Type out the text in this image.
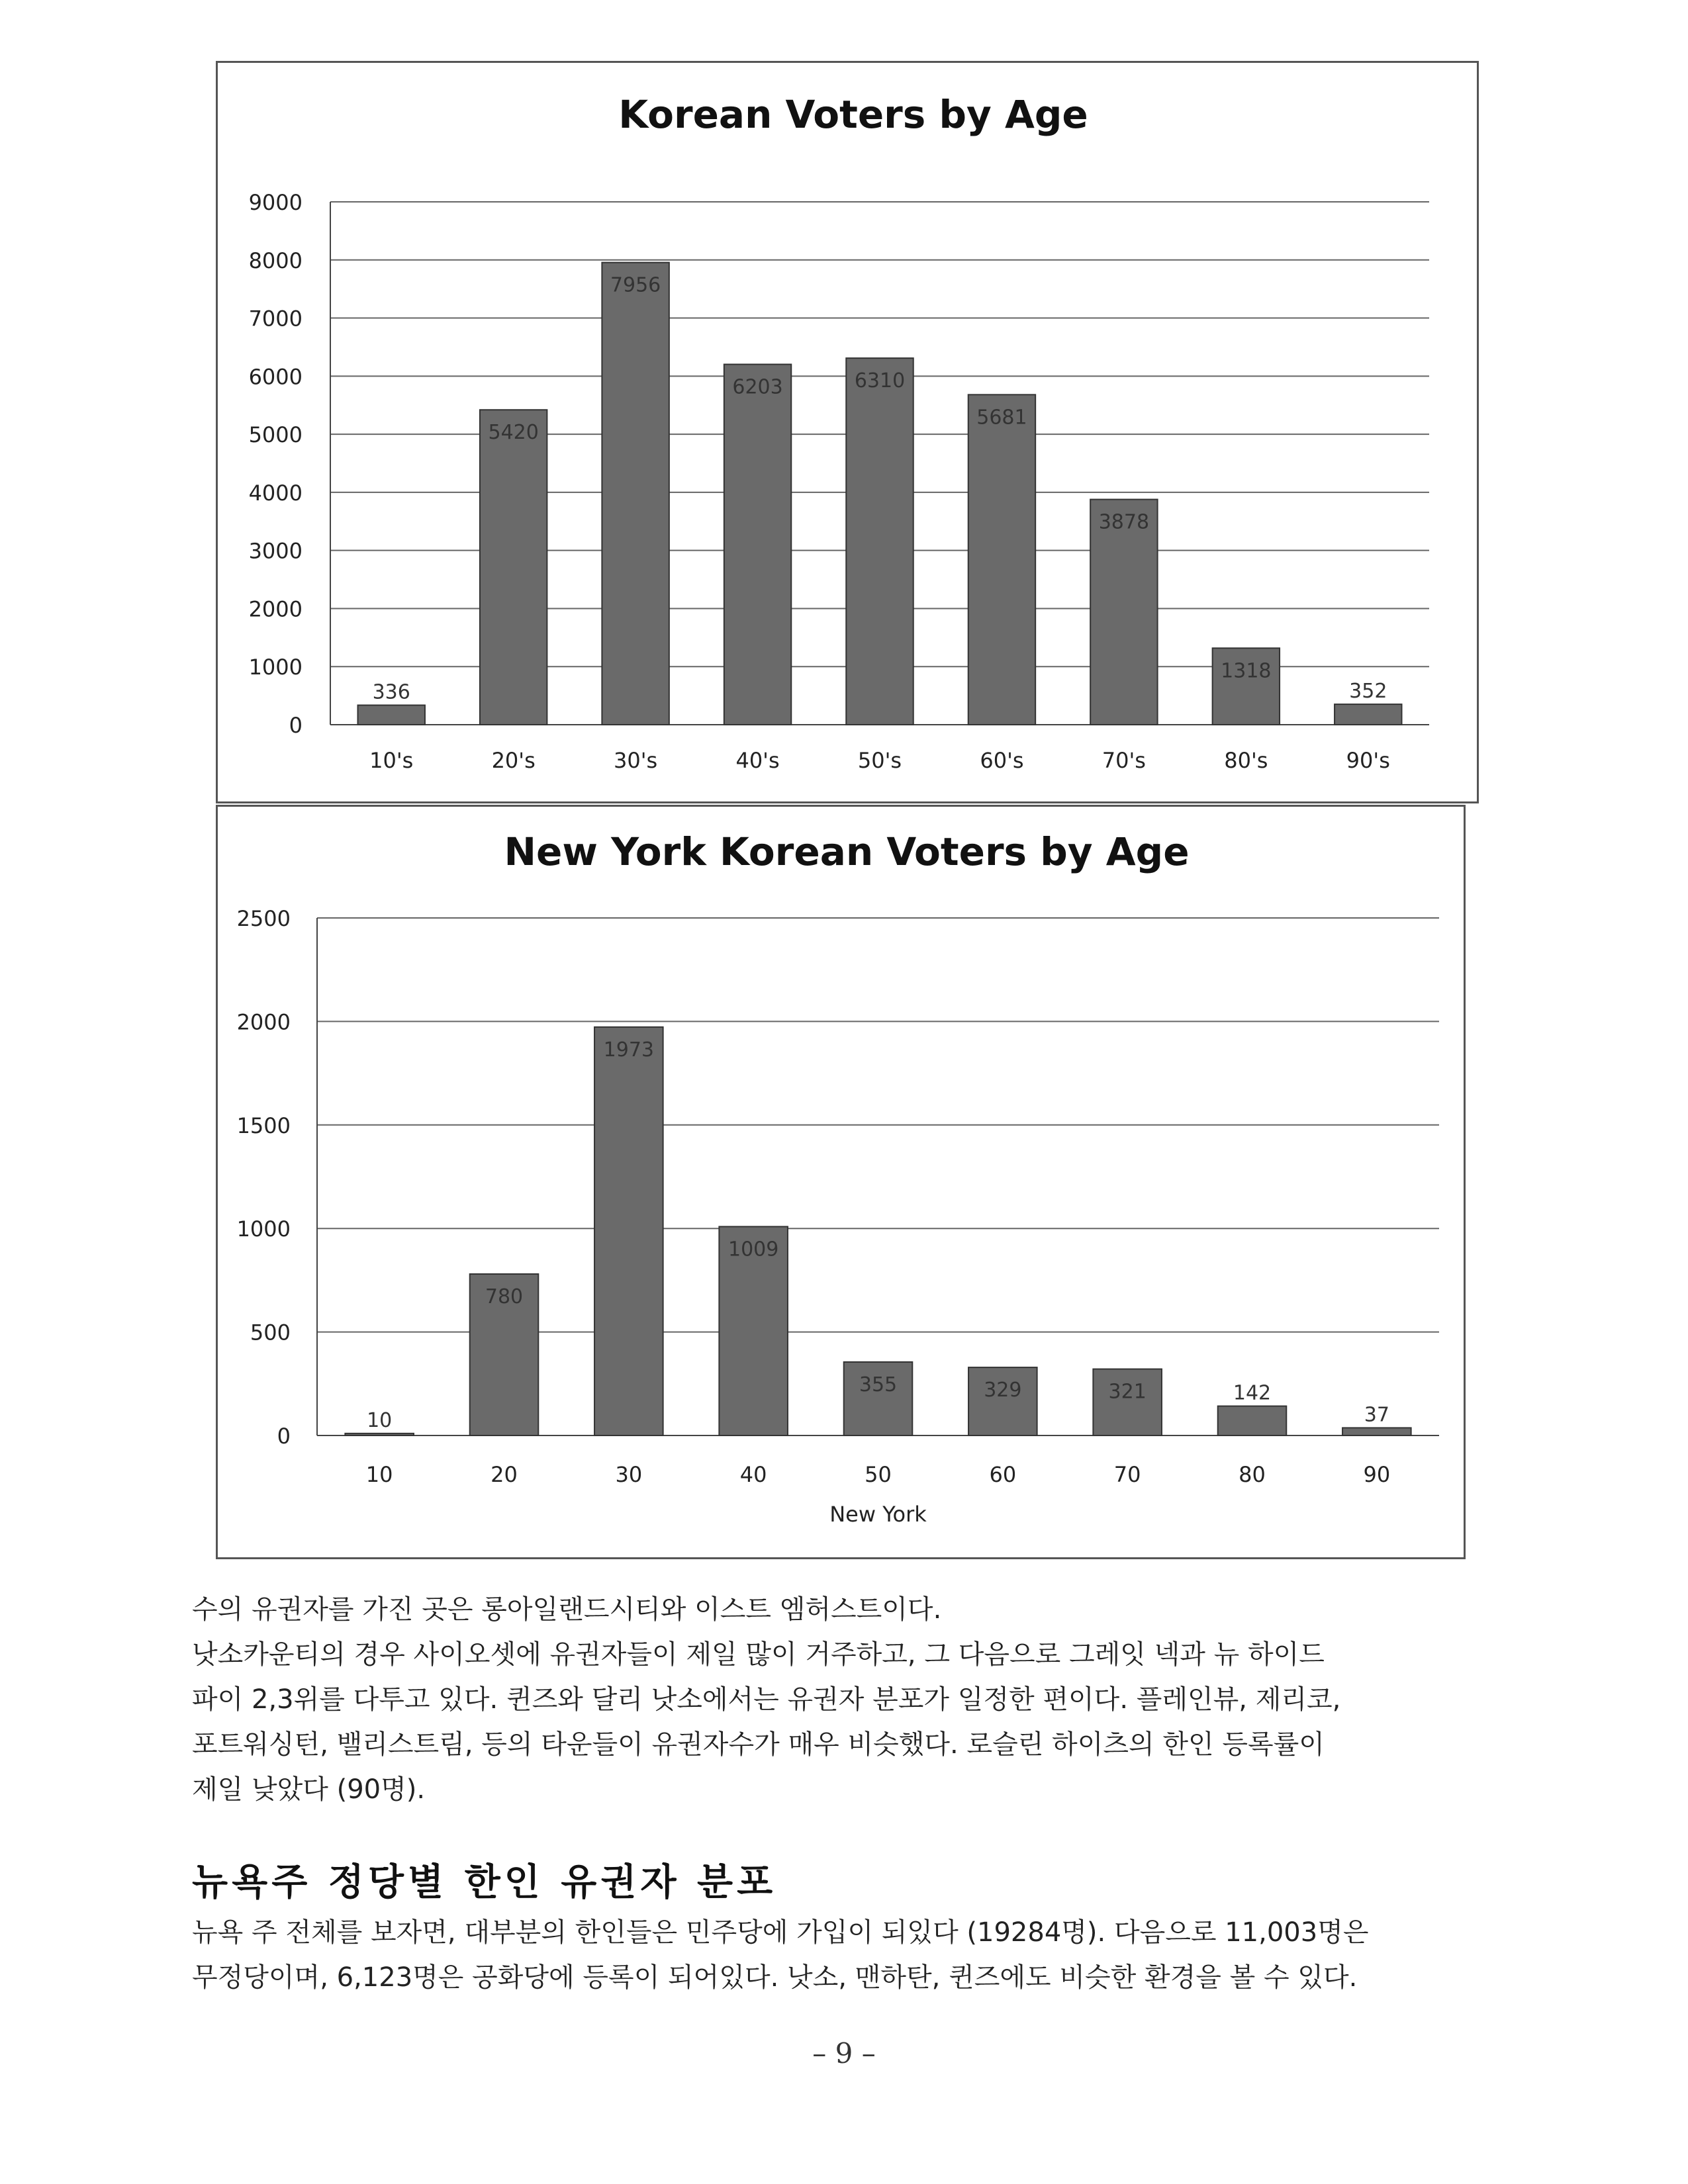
Korean Voters by Age
0
1000
2000
3000
4000
5000
6000
7000
8000
9000
336
10's
5420
20's
7956
30's
6203
40's
6310
50's
5681
60's
3878
70's
1318
80's
352
90's
New York Korean Voters by Age
0
500
1000
1500
2000
2500
10
10
780
20
1973
30
1009
40
355
50
329
60
321
70
142
80
37
90
New York

수의 유권자를 가진 곳은 롱아일랜드시티와 이스트 엠허스트이다.

낫소카운티의 경우 사이오셋에 유권자들이 제일 많이 거주하고, 그 다음으로 그레잇 넥과 뉴 하이드

파이 2,3위를 다투고 있다. 퀸즈와 달리 낫소에서는 유권자 분포가 일정한 편이다. 플레인뷰, 제리코,

포트워싱턴, 밸리스트림, 등의 타운들이 유권자수가 매우 비슷했다. 로슬린 하이츠의 한인 등록률이

제일 낮았다 (90명).

뉴욕주 정당별 한인 유권자 분포

뉴욕 주 전체를 보자면, 대부분의 한인들은 민주당에 가입이 되있다 (19284명). 다음으로 11,003명은

무정당이며, 6,123명은 공화당에 등록이 되어있다. 낫소, 맨하탄, 퀸즈에도 비슷한 환경을 볼 수 있다.

– 9 –
